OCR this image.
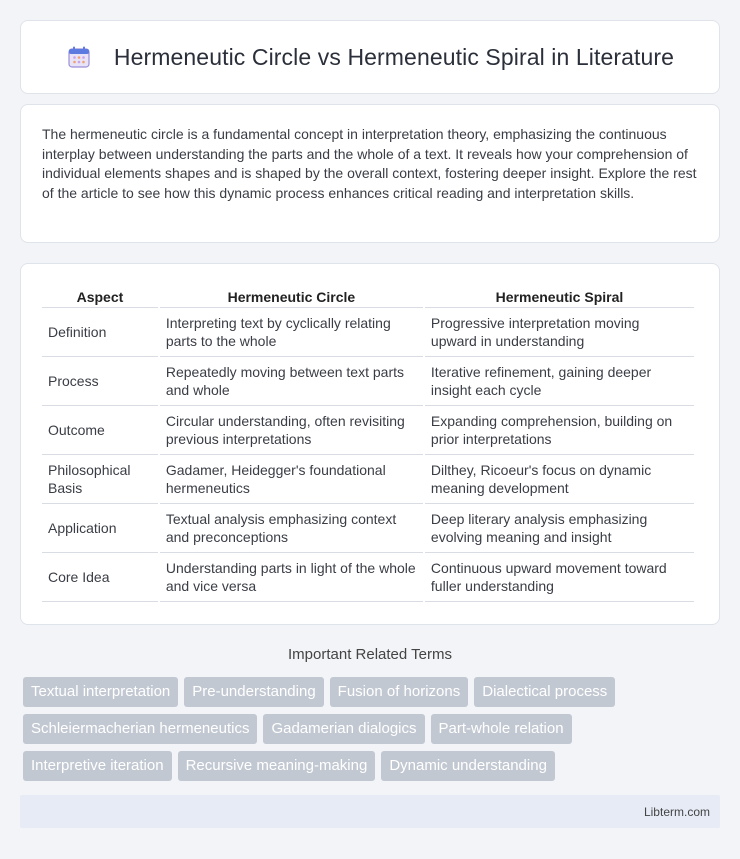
Hermeneutic Circle vs Hermeneutic Spiral in Literature

The hermeneutic circle is a fundamental concept in interpretation theory, emphasizing the continuous interplay between understanding the parts and the whole of a text. It reveals how your comprehension of individual elements shapes and is shaped by the overall context, fostering deeper insight. Explore the rest of the article to see how this dynamic process enhances critical reading and interpretation skills.

Aspect	Hermeneutic Circle	Hermeneutic Spiral
Definition	Interpreting text by cyclically relating parts to the whole	Progressive interpretation moving upward in understanding
Process	Repeatedly moving between text parts and whole	Iterative refinement, gaining deeper insight each cycle
Outcome	Circular understanding, often revisiting previous interpretations	Expanding comprehension, building on prior interpretations
Philosophical Basis	Gadamer, Heidegger's foundational hermeneutics	Dilthey, Ricoeur's focus on dynamic meaning development
Application	Textual analysis emphasizing context and preconceptions	Deep literary analysis emphasizing evolving meaning and insight
Core Idea	Understanding parts in light of the whole and vice versa	Continuous upward movement toward fuller understanding
Important Related Terms
Textual interpretation	Pre-understanding	Fusion of horizons	Dialectical process
Schleiermacherian hermeneutics	Gadamerian dialogics	Part-whole relation
Interpretive iteration	Recursive meaning-making	Dynamic understanding
Libterm.com
